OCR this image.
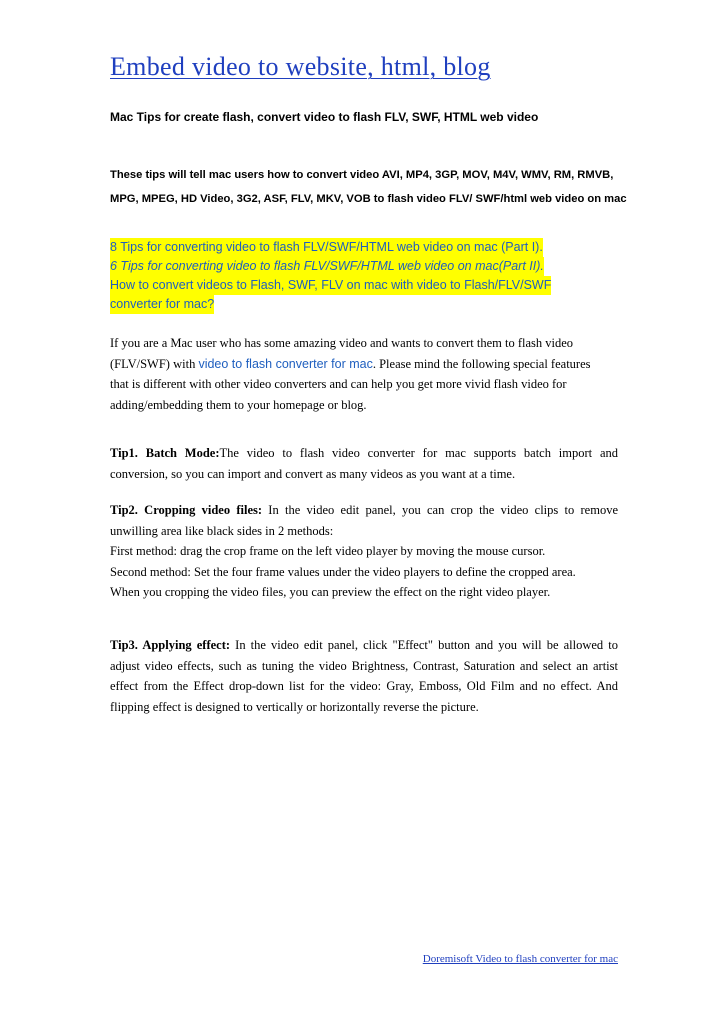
Embed video to website, html, blog
Mac Tips for create flash, convert video to flash FLV, SWF, HTML web video
These tips will tell mac users how to convert video AVI, MP4, 3GP, MOV, M4V, WMV, RM, RMVB,
MPG, MPEG, HD Video, 3G2, ASF, FLV, MKV, VOB to flash video FLV/ SWF/html web video on mac
8 Tips for converting video to flash FLV/SWF/HTML web video on mac (Part I).
6 Tips for converting video to flash FLV/SWF/HTML web video on mac(Part II).
How to convert videos to Flash, SWF, FLV on mac with video to Flash/FLV/SWF
converter for mac?
If you are a Mac user who has some amazing video and wants to convert them to flash video
(FLV/SWF) with video to flash converter for mac. Please mind the following special features
that is different with other video converters and can help you get more vivid flash video for
adding/embedding them to your homepage or blog.
Tip1. Batch Mode:The video to flash video converter for mac supports batch import and
conversion, so you can import and convert as many videos as you want at a time.
Tip2. Cropping video files: In the video edit panel, you can crop the video clips to remove
unwilling area like black sides in 2 methods:
First method: drag the crop frame on the left video player by moving the mouse cursor.
Second method: Set the four frame values under the video players to define the cropped area.
When you cropping the video files, you can preview the effect on the right video player.
Tip3. Applying effect: In the video edit panel, click "Effect" button and you will be allowed to
adjust video effects, such as tuning the video Brightness, Contrast, Saturation and select an artist
effect from the Effect drop-down list for the video: Gray, Emboss, Old Film and no effect. And
flipping effect is designed to vertically or horizontally reverse the picture.
Doremisoft Video to flash converter for mac
